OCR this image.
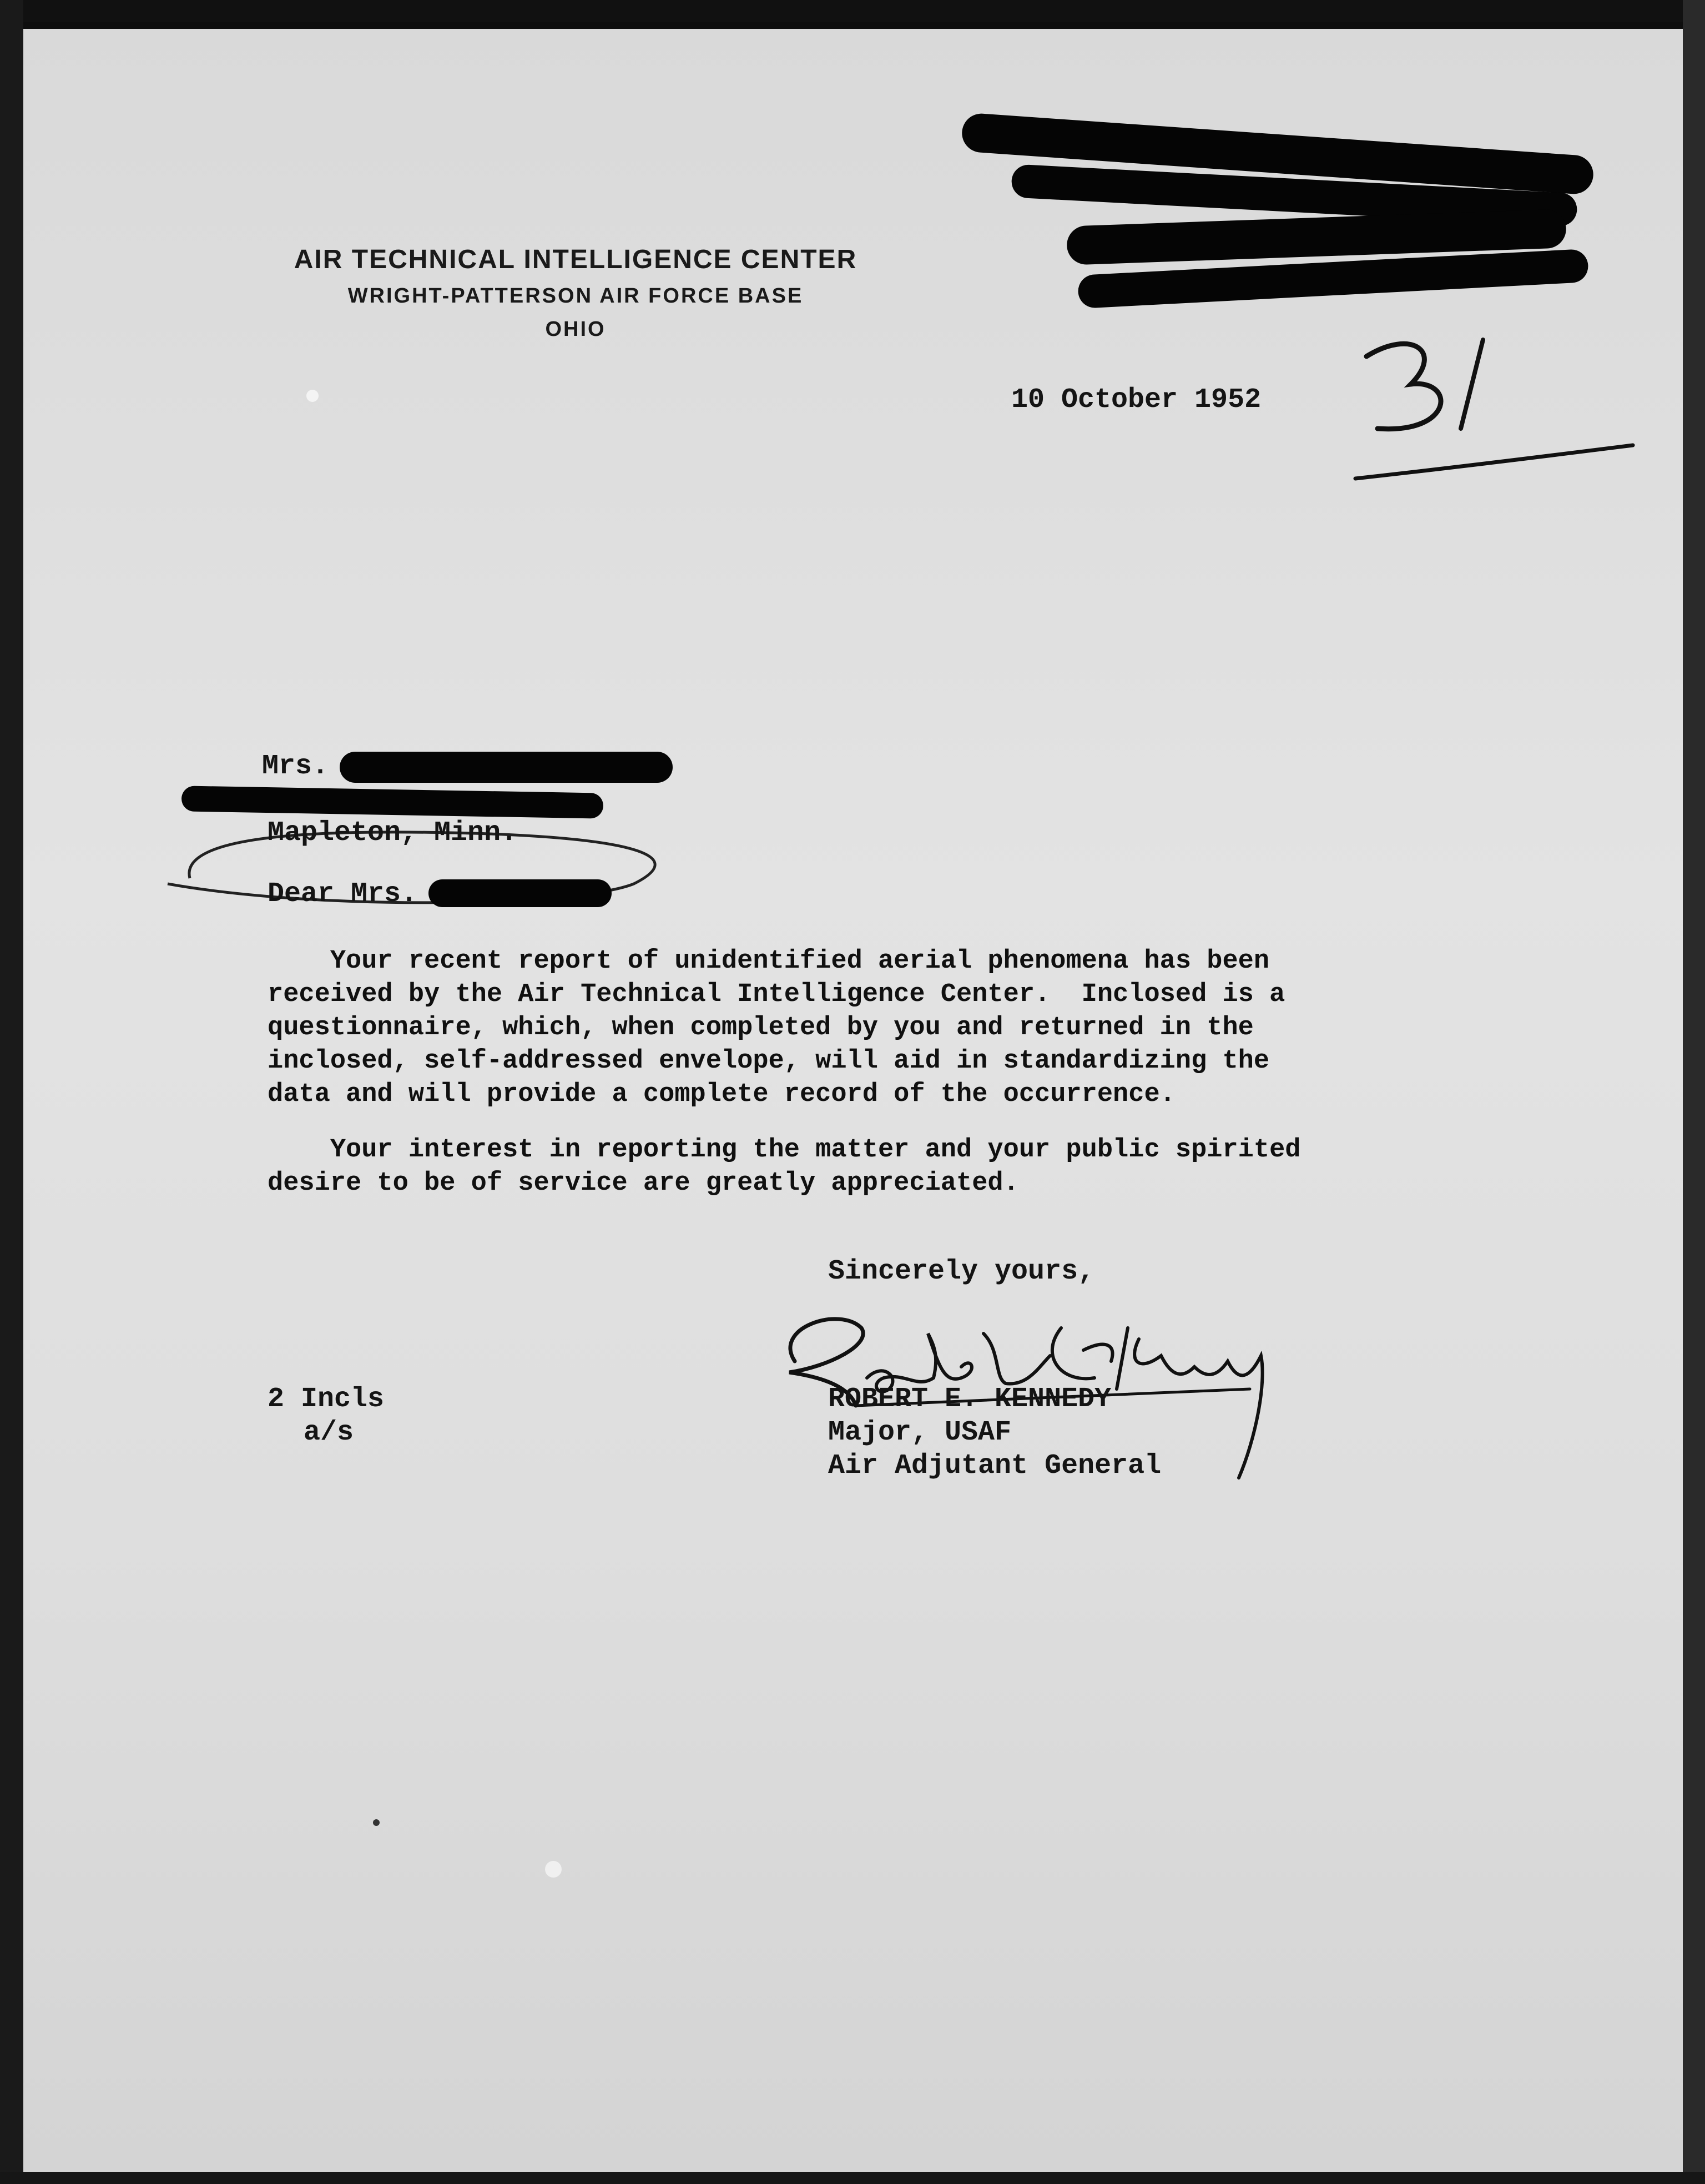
AIR TECHNICAL INTELLIGENCE CENTER
WRIGHT-PATTERSON AIR FORCE BASE
OHIO
31
10 October 1952
Mrs.
Mapleton, Minn.
Dear Mrs.

Your recent report of unidentified aerial phenomena has been

received by the Air Technical Intelligence Center.  Inclosed is a

questionnaire, which, when completed by you and returned in the

inclosed, self-addressed envelope, will aid in standardizing the

data and will provide a complete record of the occurrence.

Your interest in reporting the matter and your public spirited

desire to be of service are greatly appreciated.

Sincerely yours,
Robert E Kennedy
ROBERT E. KENNEDY
Major, USAF
Air Adjutant General
2 Incls
a/s
